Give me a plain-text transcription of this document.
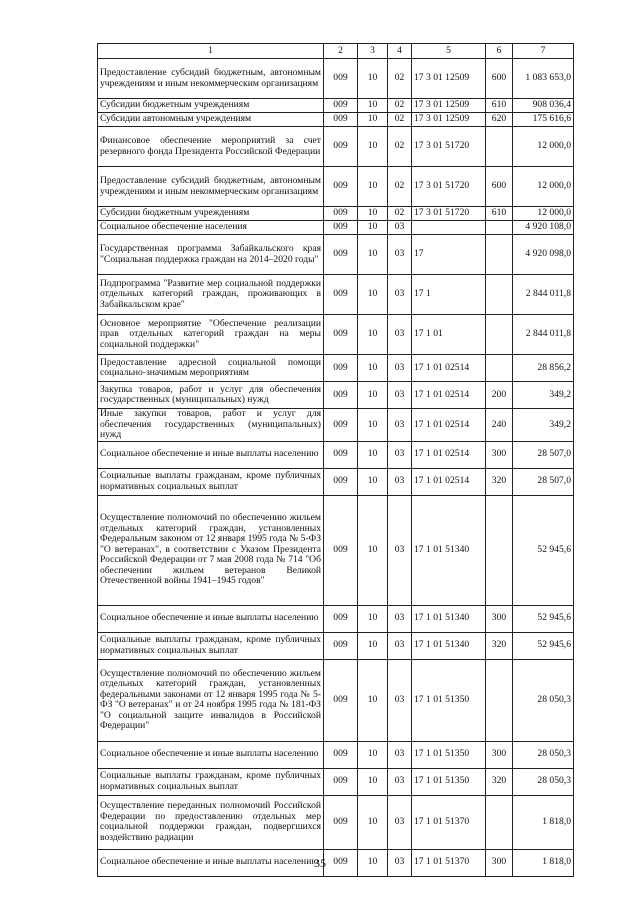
1	2	3	4	5	6	7
Предоставление субсидий бюджетным, автономным учреждениям и иным некоммерческим организациям	009	10	02	17 3 01 12509	600	1 083 653,0
Субсидии бюджетным учреждениям	009	10	02	17 3 01 12509	610	908 036,4
Субсидии автономным учреждениям	009	10	02	17 3 01 12509	620	175 616,6
Финансовое обеспечение мероприятий за счет резервного фонда Президента Российской Федерации	009	10	02	17 3 01 51720		12 000,0
Предоставление субсидий бюджетным, автономным учреждениям и иным некоммерческим организациям	009	10	02	17 3 01 51720	600	12 000,0
Субсидии бюджетным учреждениям	009	10	02	17 3 01 51720	610	12 000,0
Социальное обеспечение населения	009	10	03			4 920 108,0
Государственная программа Забайкальского края "Социальная поддержка граждан на 2014–2020 годы"	009	10	03	17		4 920 098,0
Подпрограмма "Развитие мер социальной поддержки отдельных категорий граждан, проживающих в Забайкальском крае"	009	10	03	17 1		2 844 011,8
Основное мероприятие "Обеспечение реализации прав отдельных категорий граждан на меры социальной поддержки"	009	10	03	17 1 01		2 844 011,8
Предоставление адресной социальной помощи социально-значимым мероприятиям	009	10	03	17 1 01 02514		28 856,2
Закупка товаров, работ и услуг для обеспечения государственных (муниципальных) нужд	009	10	03	17 1 01 02514	200	349,2
Иные закупки товаров, работ и услуг для обеспечения государственных (муниципальных) нужд	009	10	03	17 1 01 02514	240	349,2
Социальное обеспечение и иные выплаты населению	009	10	03	17 1 01 02514	300	28 507,0
Социальные выплаты гражданам, кроме публичных нормативных социальных выплат	009	10	03	17 1 01 02514	320	28 507,0
Осуществление полномочий по обеспечению жильем отдельных категорий граждан, установленных Федеральным законом от 12 января 1995 года № 5-ФЗ "О ветеранах", в соответствии с Указом Президента Российской Федерации от 7 мая 2008 года № 714 "Об обеспечении жильем ветеранов Великой Отечественной войны 1941–1945 годов"	009	10	03	17 1 01 51340		52 945,6
Социальное обеспечение и иные выплаты населению	009	10	03	17 1 01 51340	300	52 945,6
Социальные выплаты гражданам, кроме публичных нормативных социальных выплат	009	10	03	17 1 01 51340	320	52 945,6
Осуществление полномочий по обеспечению жильем отдельных категорий граждан, установленных федеральными законами от 12 января 1995 года № 5-ФЗ "О ветеранах" и от 24 ноября 1995 года № 181-ФЗ "О социальной защите инвалидов в Российской Федерации"	009	10	03	17 1 01 51350		28 050,3
Социальное обеспечение и иные выплаты населению	009	10	03	17 1 01 51350	300	28 050,3
Социальные выплаты гражданам, кроме публичных нормативных социальных выплат	009	10	03	17 1 01 51350	320	28 050,3
Осуществление переданных полномочий Российской Федерации по предоставлению отдельных мер социальной поддержки граждан, подвергшихся воздействию радиации	009	10	03	17 1 01 51370		1 818,0
Социальное обеспечение и иные выплаты населению	009	10	03	17 1 01 51370	300	1 818,0
35
